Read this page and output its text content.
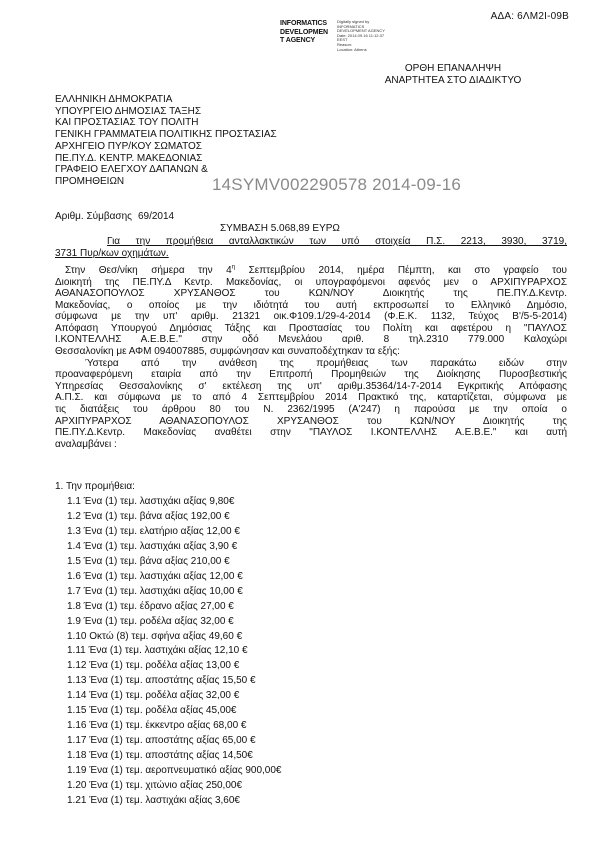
ΑΔΑ: 6ΛΜ2Ι-09Β
INFORMATICS
DEVELOPMEN
T AGENCY
Digitally signed by
INFORMATICS
DEVELOPMENT AGENCY
Date: 2014.09.16 11:12:37
EEST
Reason:
Location: Athens
ΟΡΘΗ ΕΠΑΝΑΛΗΨΗ
ΑΝΑΡΤΗΤΕΑ ΣΤΟ ΔΙΑΔΙΚΤΥΟ
ΕΛΛΗΝΙΚΗ ΔΗΜΟΚΡΑΤΙΑ
ΥΠΟΥΡΓΕΙΟ ΔΗΜΟΣΙΑΣ ΤΑΞΗΣ
ΚΑΙ ΠΡΟΣΤΑΣΙΑΣ ΤΟΥ ΠΟΛΙΤΗ
ΓΕΝΙΚΗ ΓΡΑΜΜΑΤΕΙΑ ΠΟΛΙΤΙΚΗΣ ΠΡΟΣΤΑΣΙΑΣ
ΑΡΧΗΓΕΙΟ ΠΥΡ/ΚΟΥ ΣΩΜΑΤΟΣ
ΠΕ.ΠΥ.Δ. ΚΕΝΤΡ. ΜΑΚΕΔΟΝΙΑΣ
ΓΡΑΦΕΙΟ ΕΛΕΓΧΟΥ ΔΑΠΑΝΩΝ &
ΠΡΟΜΗΘΕΙΩΝ	14SYMV002290578 2014-09-16
Αριθμ. Σύμβασης 69/2014
ΣΥΜΒΑΣΗ 5.068,89 ΕΥΡΩ
Για την προμήθεια ανταλλακτικών των υπό στοιχεία Π.Σ. 2213, 3930, 3719,
3731 Πυρ/κων οχημάτων.
Στην Θεσ/νίκη σήμερα την $4^\eta$ Σεπτεμβρίου 2014, ημέρα Πέμπτη, και στο γραφείο του
Διοικητή της ΠΕ.ΠΥ.Δ Κεντρ. Μακεδονίας, οι υπογραφόμενοι αφενός μεν ο ΑΡΧΙΠΥΡΑΡΧΟΣ
ΑΘΑΝΑΣΟΠΟΥΛΟΣ ΧΡΥΣΑΝΘΟΣ του ΚΩΝ/ΝΟΥ Διοικητής της ΠΕ.ΠΥ.Δ.Κεντρ.
Μακεδονίας, ο οποίος με την ιδιότητά του αυτή εκπροσωπεί το Ελληνικό Δημόσιο,
σύμφωνα με την υπ' αριθμ. 21321 οικ.Φ109.1/29-4-2014 (Φ.Ε.Κ. 1132, Τεύχος Β'/5-5-2014)
Απόφαση Υπουργού Δημόσιας Τάξης και Προστασίας του Πολίτη και αφετέρου η "ΠΑΥΛΟΣ
Ι.ΚΟΝΤΕΛΛΗΣ Α.Ε.Β.Ε." στην οδό Μενελάου αριθ. 8 τηλ.2310 779.000 Καλοχώρι
Θεσσαλονίκη με ΑΦΜ 094007885, συμφώνησαν και συναποδέχτηκαν τα εξής:
Ύστερα από την ανάθεση της προμήθειας των παρακάτω ειδών στην
προαναφερόμενη εταιρία από την Επιτροπή Προμηθειών της Διοίκησης Πυροσβεστικής
Υπηρεσίας Θεσσαλονίκης σ' εκτέλεση της υπ' αριθμ.35364/14-7-2014 Εγκριτικής Απόφασης
Α.Π.Σ. και σύμφωνα με το από 4 Σεπτεμβρίου 2014 Πρακτικό της, καταρτίζεται, σύμφωνα με
τις διατάξεις του άρθρου 80 του Ν. 2362/1995 (Α'247) η παρούσα με την οποία ο
ΑΡΧΙΠΥΡΑΡΧΟΣ ΑΘΑΝΑΣΟΠΟΥΛΟΣ ΧΡΥΣΑΝΘΟΣ του ΚΩΝ/ΝΟΥ Διοικητής της
ΠΕ.ΠΥ.Δ.Κεντρ. Μακεδονίας αναθέτει στην "ΠΑΥΛΟΣ Ι.ΚΟΝΤΕΛΛΗΣ Α.Ε.Β.Ε." και αυτή
αναλαμβάνει :
1. Την προμήθεια:
1.1 Ένα (1) τεμ. λαστιχάκι αξίας 9,80€
1.2 Ένα (1) τεμ. βάνα αξίας 192,00 €
1.3 Ένα (1) τεμ. ελατήριο αξίας 12,00 €
1.4 Ένα (1) τεμ. λαστιχάκι αξίας 3,90 €
1.5 Ένα (1) τεμ. βάνα αξίας 210,00 €
1.6 Ένα (1) τεμ. λαστιχάκι αξίας 12,00 €
1.7 Ένα (1) τεμ. λαστιχάκι αξίας 10,00 €
1.8 Ένα (1) τεμ. έδρανο αξίας 27,00 €
1.9 Ένα (1) τεμ. ροδέλα αξίας 32,00 €
1.10 Οκτώ (8) τεμ. σφήνα αξίας 49,60 €
1.11 Ένα (1) τεμ. λαστιχάκι αξίας 12,10 €
1.12 Ένα (1) τεμ. ροδέλα αξίας 13,00 €
1.13 Ένα (1) τεμ. αποστάτης αξίας 15,50 €
1.14 Ένα (1) τεμ. ροδέλα αξίας 32,00 €
1.15 Ένα (1) τεμ. ροδέλα αξίας 45,00€
1.16 Ένα (1) τεμ. έκκεντρο αξίας 68,00 €
1.17 Ένα (1) τεμ. αποστάτης αξίας 65,00 €
1.18 Ένα (1) τεμ. αποστάτης αξίας 14,50€
1.19 Ένα (1) τεμ. αεροπνευματικό αξίας 900,00€
1.20 Ένα (1) τεμ. χιτώνιο αξίας 250,00€
1.21 Ένα (1) τεμ. λαστιχάκι αξίας 3,60€
